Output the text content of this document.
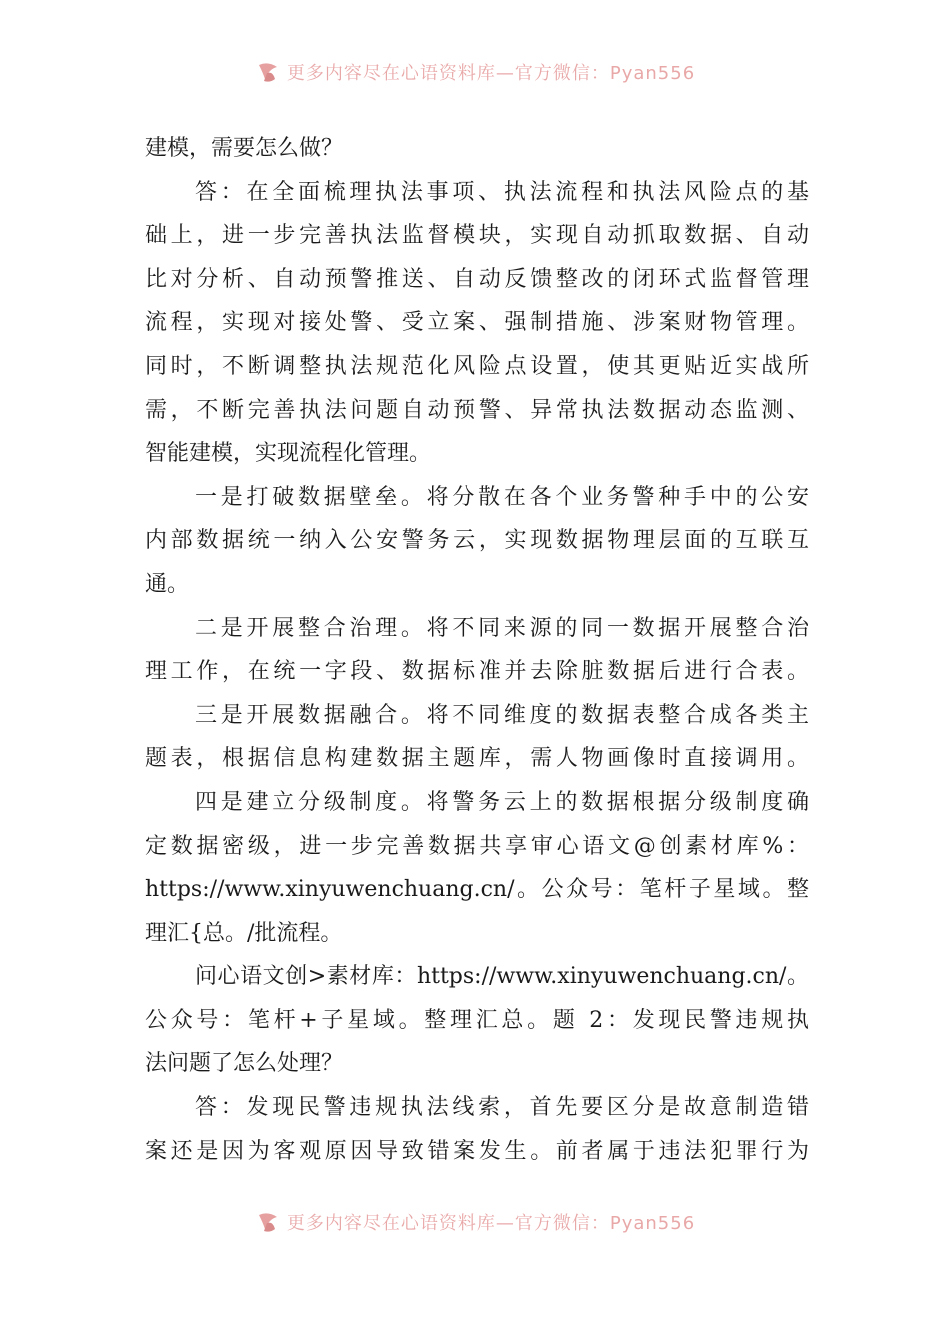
更多内容尽在心语资料库—官方微信：Pyan556

建模，需要怎么做？

答：在全面梳理执法事项、执法流程和执法风险点的基

础上，进一步完善执法监督模块，实现自动抓取数据、自动

比对分析、自动预警推送、自动反馈整改的闭环式监督管理

流程，实现对接处警、受立案、强制措施、涉案财物管理。

同时，不断调整执法规范化风险点设置，使其更贴近实战所

需，不断完善执法问题自动预警、异常执法数据动态监测、

智能建模，实现流程化管理。

一是打破数据壁垒。将分散在各个业务警种手中的公安

内部数据统一纳入公安警务云，实现数据物理层面的互联互

通。

二是开展整合治理。将不同来源的同一数据开展整合治

理工作，在统一字段、数据标准并去除脏数据后进行合表。

三是开展数据融合。将不同维度的数据表整合成各类主

题表，根据信息构建数据主题库，需人物画像时直接调用。

四是建立分级制度。将警务云上的数据根据分级制度确

定数据密级，进一步完善数据共享审心语文@创素材库%：

https://www.xinyuwenchuang.cn/。公众号：笔杆子星域。整

理汇{总。/批流程。

问心语文创>素材库：https://www.xinyuwenchuang.cn/。

公众号：笔杆+子星域。整理汇总。题 2：发现民警违规执

法问题了怎么处理？

答：发现民警违规执法线索，首先要区分是故意制造错

案还是因为客观原因导致错案发生。前者属于违法犯罪行为

更多内容尽在心语资料库—官方微信：Pyan556
